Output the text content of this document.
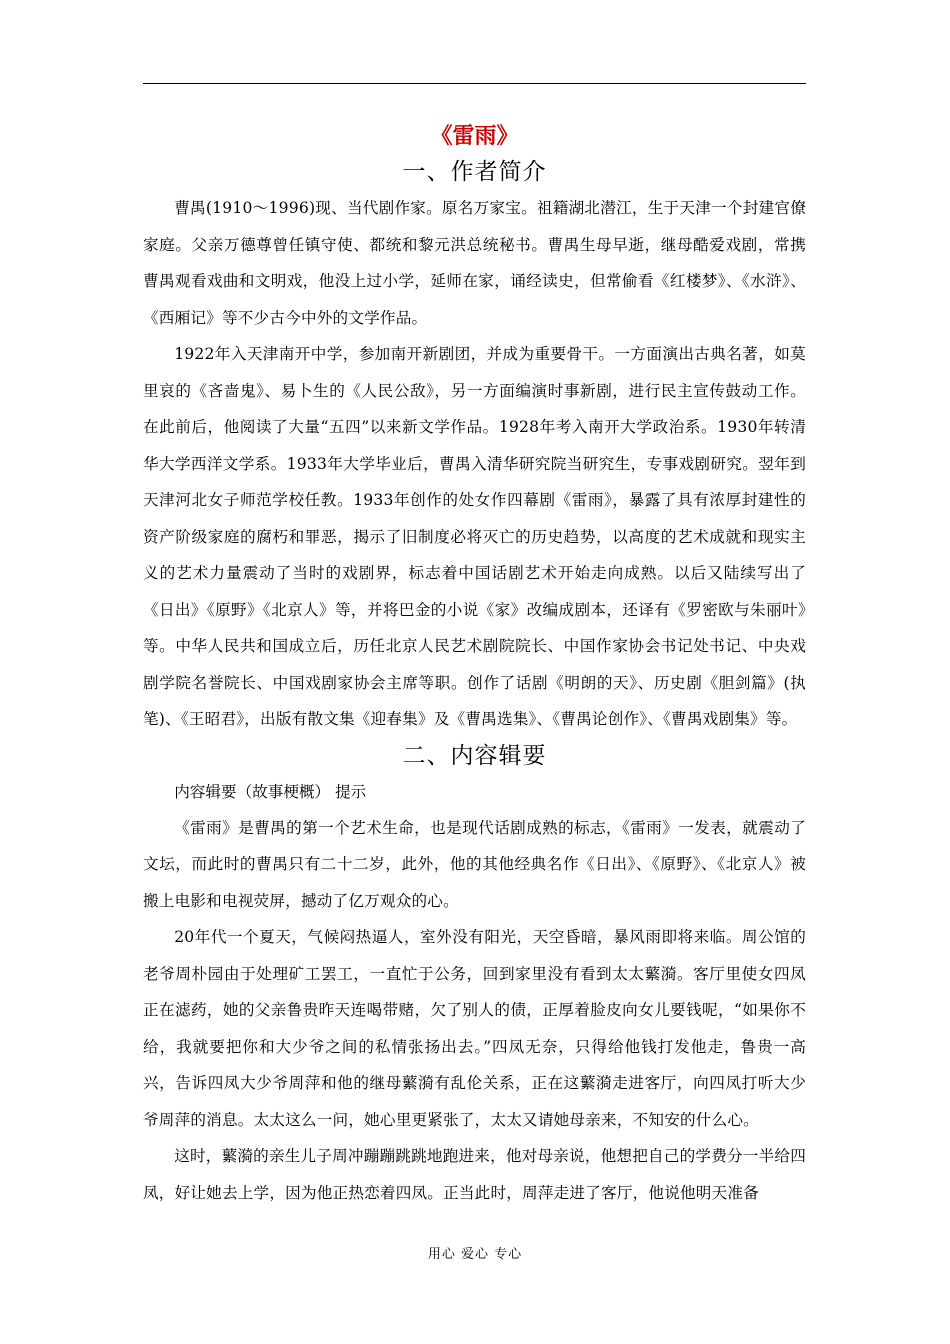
《雷雨》
一、作者简介

曹禺(1910～1996)现、当代剧作家。原名万家宝。祖籍湖北潜江，生于天津一个封建官僚家庭。父亲万德尊曾任镇守使、都统和黎元洪总统秘书。曹禺生母早逝，继母酷爱戏剧，常携曹禺观看戏曲和文明戏，他没上过小学，延师在家，诵经读史，但常偷看《红楼梦》、《水浒》、《西厢记》等不少古今中外的文学作品。

1922年入天津南开中学，参加南开新剧团，并成为重要骨干。一方面演出古典名著，如莫里哀的《吝啬鬼》、易卜生的《人民公敌》，另一方面编演时事新剧，进行民主宣传鼓动工作。在此前后，他阅读了大量“五四”以来新文学作品。1928年考入南开大学政治系。1930年转清华大学西洋文学系。1933年大学毕业后，曹禺入清华研究院当研究生，专事戏剧研究。翌年到天津河北女子师范学校任教。1933年创作的处女作四幕剧《雷雨》，暴露了具有浓厚封建性的资产阶级家庭的腐朽和罪恶，揭示了旧制度必将灭亡的历史趋势，以高度的艺术成就和现实主义的艺术力量震动了当时的戏剧界，标志着中国话剧艺术开始走向成熟。以后又陆续写出了《日出》《原野》《北京人》等，并将巴金的小说《家》改编成剧本，还译有《罗密欧与朱丽叶》等。中华人民共和国成立后，历任北京人民艺术剧院院长、中国作家协会书记处书记、中央戏剧学院名誉院长、中国戏剧家协会主席等职。创作了话剧《明朗的天》、历史剧《胆剑篇》(执笔)、《王昭君》，出版有散文集《迎春集》及《曹禺选集》、《曹禺论创作》、《曹禺戏剧集》等。

二、内容辑要

内容辑要（故事梗概） 提示

《雷雨》是曹禺的第一个艺术生命，也是现代话剧成熟的标志，《雷雨》一发表，就震动了文坛，而此时的曹禺只有二十二岁，此外，他的其他经典名作《日出》、《原野》、《北京人》被搬上电影和电视荧屏，撼动了亿万观众的心。

20年代一个夏天，气候闷热逼人，室外没有阳光，天空昏暗，暴风雨即将来临。周公馆的老爷周朴园由于处理矿工罢工，一直忙于公务，回到家里没有看到太太蘩漪。客厅里使女四凤正在滤药，她的父亲鲁贵昨天连喝带赌，欠了别人的债，正厚着脸皮向女儿要钱呢，“如果你不给，我就要把你和大少爷之间的私情张扬出去。”四凤无奈，只得给他钱打发他走，鲁贵一高兴，告诉四凤大少爷周萍和他的继母蘩漪有乱伦关系，正在这蘩漪走进客厅，向四凤打听大少爷周萍的消息。太太这么一问，她心里更紧张了，太太又请她母亲来，不知安的什么心。

这时，蘩漪的亲生儿子周冲蹦蹦跳跳地跑进来，他对母亲说，他想把自己的学费分一半给四凤，好让她去上学，因为他正热恋着四凤。正当此时，周萍走进了客厅，他说他明天准备

用心 爱心 专心
